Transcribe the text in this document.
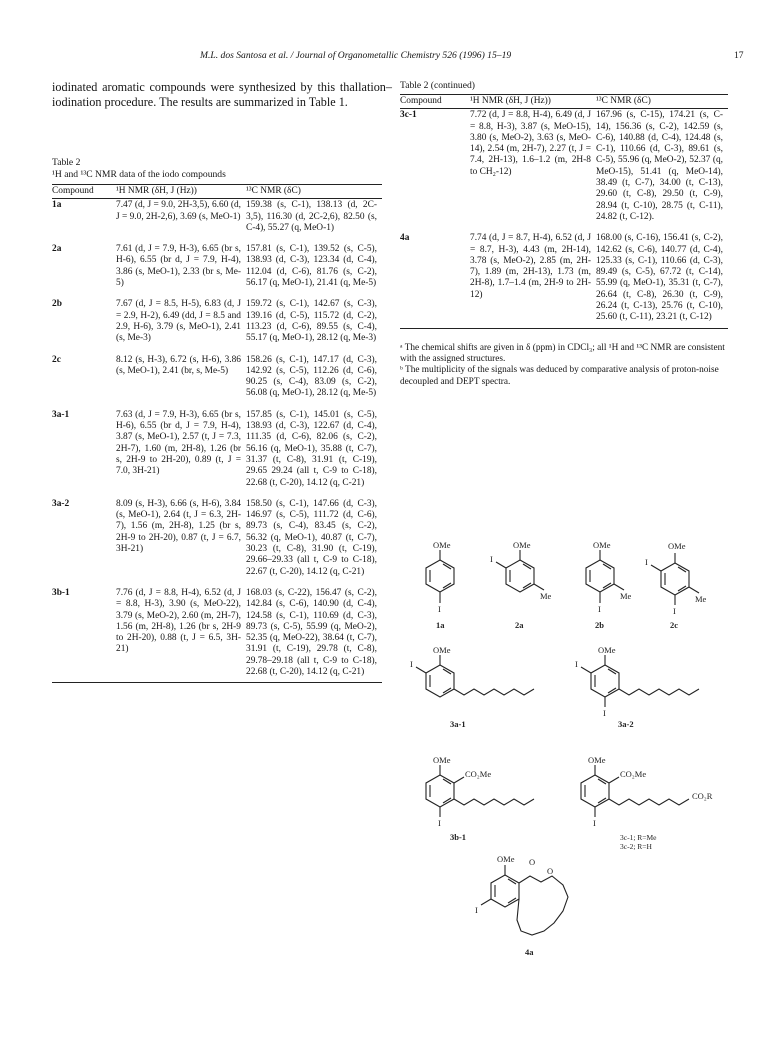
M.L. dos Santosa et al. / Journal of Organometallic Chemistry 526 (1996) 15–19	17
iodinated aromatic compounds were synthesized by this thallation–iodination procedure. The results are summarized in Table 1.
Table 2
¹H and ¹³C NMR data of the iodo compounds
Compound	¹H NMR (δH, J (Hz))	¹³C NMR (δC)
1a	7.47 (d, J = 9.0, 2H-3,5), 6.60 (d, J = 9.0, 2H-2,6), 3.69 (s, MeO-1)	159.38 (s, C-1), 138.13 (d, 2C-3,5), 116.30 (d, 2C-2,6), 82.50 (s, C-4), 55.27 (q, MeO-1)
2a	7.61 (d, J = 7.9, H-3), 6.65 (br s, H-6), 6.55 (br d, J = 7.9, H-4), 3.86 (s, MeO-1), 2.33 (br s, Me-5)	157.81 (s, C-1), 139.52 (s, C-5), 138.93 (d, C-3), 123.34 (d, C-4), 112.04 (d, C-6), 81.76 (s, C-2), 56.17 (q, MeO-1), 21.41 (q, Me-5)
2b	7.67 (d, J = 8.5, H-5), 6.83 (d, J = 2.9, H-2), 6.49 (dd, J = 8.5 and 2.9, H-6), 3.79 (s, MeO-1), 2.41 (s, Me-3)	159.72 (s, C-1), 142.67 (s, C-3), 139.16 (d, C-5), 115.72 (d, C-2), 113.23 (d, C-6), 89.55 (s, C-4), 55.17 (q, MeO-1), 28.12 (q, Me-3)
2c	8.12 (s, H-3), 6.72 (s, H-6), 3.86 (s, MeO-1), 2.41 (br, s, Me-5)	158.26 (s, C-1), 147.17 (d, C-3), 142.92 (s, C-5), 112.26 (d, C-6), 90.25 (s, C-4), 83.09 (s, C-2), 56.08 (q, MeO-1), 28.12 (q, Me-5)
3a-1	7.63 (d, J = 7.9, H-3), 6.65 (br s, H-6), 6.55 (br d, J = 7.9, H-4), 3.87 (s, MeO-1), 2.57 (t, J = 7.3, 2H-7), 1.60 (m, 2H-8), 1.26 (br s, 2H-9 to 2H-20), 0.89 (t, J = 7.0, 3H-21)	157.85 (s, C-1), 145.01 (s, C-5), 138.93 (d, C-3), 122.67 (d, C-4), 111.35 (d, C-6), 82.06 (s, C-2), 56.16 (q, MeO-1), 35.88 (t, C-7), 31.37 (t, C-8), 31.91 (t, C-19), 29.65 29.24 (all t, C-9 to C-18), 22.68 (t, C-20), 14.12 (q, C-21)
3a-2	8.09 (s, H-3), 6.66 (s, H-6), 3.84 (s, MeO-1), 2.64 (t, J = 6.3, 2H-7), 1.56 (m, 2H-8), 1.25 (br s, 2H-9 to 2H-20), 0.87 (t, J = 6.7, 3H-21)	158.50 (s, C-1), 147.66 (d, C-3), 146.97 (s, C-5), 111.72 (d, C-6), 89.73 (s, C-4), 83.45 (s, C-2), 56.32 (q, MeO-1), 40.87 (t, C-7), 30.23 (t, C-8), 31.90 (t, C-19), 29.66–29.33 (all t, C-9 to C-18), 22.67 (t, C-20), 14.12 (q, C-21)
3b-1	7.76 (d, J = 8.8, H-4), 6.52 (d, J = 8.8, H-3), 3.90 (s, MeO-22), 3.79 (s, MeO-2), 2.60 (m, 2H-7), 1.56 (m, 2H-8), 1.26 (br s, 2H-9 to 2H-20), 0.88 (t, J = 6.5, 3H-21)	168.03 (s, C-22), 156.47 (s, C-2), 142.84 (s, C-6), 140.90 (d, C-4), 124.58 (s, C-1), 110.69 (d, C-3), 89.73 (s, C-5), 55.99 (q, MeO-2), 52.35 (q, MeO-22), 38.64 (t, C-7), 31.91 (t, C-19), 29.78 (t, C-8), 29.78–29.18 (all t, C-9 to C-18), 22.68 (t, C-20), 14.12 (q, C-21)
Table 2 (continued)
Compound	¹H NMR (δH, J (Hz))	¹³C NMR (δC)
3c-1	7.72 (d, J = 8.8, H-4), 6.49 (d, J = 8.8, H-3), 3.87 (s, MeO-15), 3.80 (s, MeO-2), 3.63 (s, MeO-14), 2.54 (m, 2H-7), 2.27 (t, J = 7.4, 2H-13), 1.6–1.2 (m, 2H-8 to CH₂-12)	167.96 (s, C-15), 174.21 (s, C-14), 156.36 (s, C-2), 142.59 (s, C-6), 140.88 (d, C-4), 124.48 (s, C-1), 110.66 (d, C-3), 89.61 (s, C-5), 55.96 (q, MeO-2), 52.37 (q, MeO-15), 51.41 (q, MeO-14), 38.49 (t, C-7), 34.00 (t, C-13), 29.60 (t, C-8), 29.50 (t, C-9), 28.94 (t, C-10), 28.75 (t, C-11), 24.82 (t, C-12).
4a	7.74 (d, J = 8.7, H-4), 6.52 (d, J = 8.7, H-3), 4.43 (m, 2H-14), 3.78 (s, MeO-2), 2.85 (m, 2H-7), 1.89 (m, 2H-13), 1.73 (m, 2H-8), 1.7–1.4 (m, 2H-9 to 2H-12)	168.00 (s, C-16), 156.41 (s, C-2), 142.62 (s, C-6), 140.77 (d, C-4), 125.33 (s, C-1), 110.66 (d, C-3), 89.49 (s, C-5), 67.72 (t, C-14), 55.99 (q, MeO-1), 35.31 (t, C-7), 26.64 (t, C-8), 26.30 (t, C-9), 26.24 (t, C-13), 25.76 (t, C-10), 25.60 (t, C-11), 23.21 (t, C-12)
ᵃ The chemical shifts are given in δ (ppm) in CDCl₃; all ¹H and ¹³C NMR are consistent with the assigned structures.
ᵇ The multiplicity of the signals was deduced by comparative analysis of proton-noise decoupled and DEPT spectra.
OMe
I
1a
OMe
I
Me
2a
OMe
I
Me
2b
OMe
I
Me
I
2c
OMe
I
3a-1
OMe
I
I
3a-2
OMe
CO₂Me
I
3b-1
OMe
CO₂Me
CO₂R
I
3c-1; R=Me 3c-2; R=H
OMe O
O
I
4a
